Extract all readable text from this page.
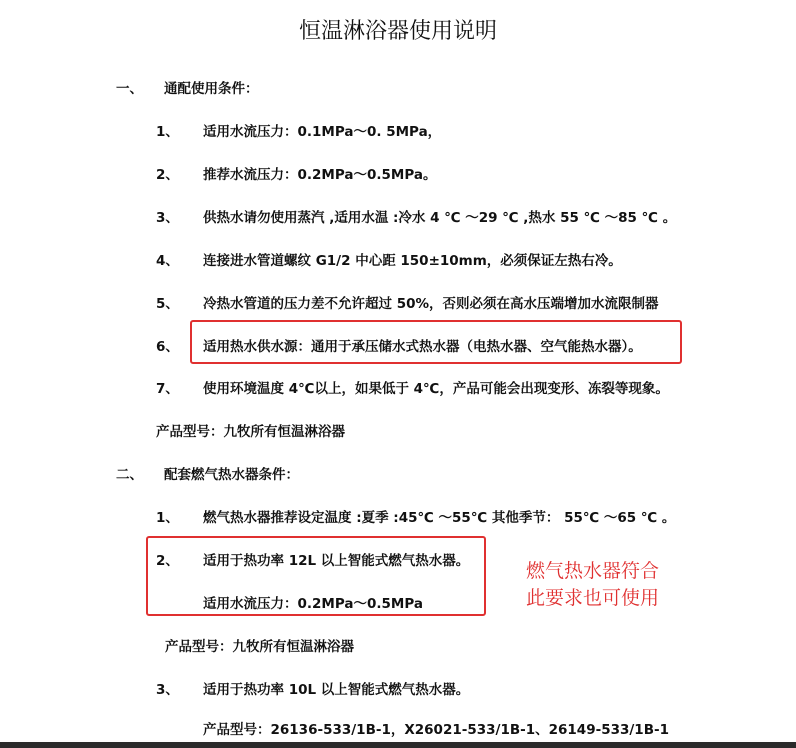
恒温淋浴器使用说明
一、 通配使用条件：
1、 适用水流压力：0.1MPa～0. 5MPa，
2、 推荐水流压力：0.2MPa～0.5MPa。
3、 供热水请勿使用蒸汽 ,适用水温 :冷水 4 ℃ ～29 ℃ ,热水 55 ℃ ～85 ℃ 。
4、 连接进水管道螺纹 G1/2 中心距 150±10mm，必须保证左热右冷。
5、 冷热水管道的压力差不允许超过 50%，否则必须在高水压端增加水流限制器
6、 适用热水供水源：通用于承压储水式热水器（电热水器、空气能热水器）。
7、 使用环境温度 4℃以上，如果低于 4℃，产品可能会出现变形、冻裂等现象。
产品型号：九牧所有恒温淋浴器
二、 配套燃气热水器条件：
1、 燃气热水器推荐设定温度 :夏季 :45℃ ～55℃ 其他季节： 55℃ ～65 ℃ 。
2、 适用于热功率 12L 以上智能式燃气热水器。
适用水流压力：0.2MPa～0.5MPa
燃气热水器符合
此要求也可使用
产品型号：九牧所有恒温淋浴器
3、 适用于热功率 10L 以上智能式燃气热水器。
产品型号：26136-533/1B-1，X26021-533/1B-1、26149-533/1B-1
